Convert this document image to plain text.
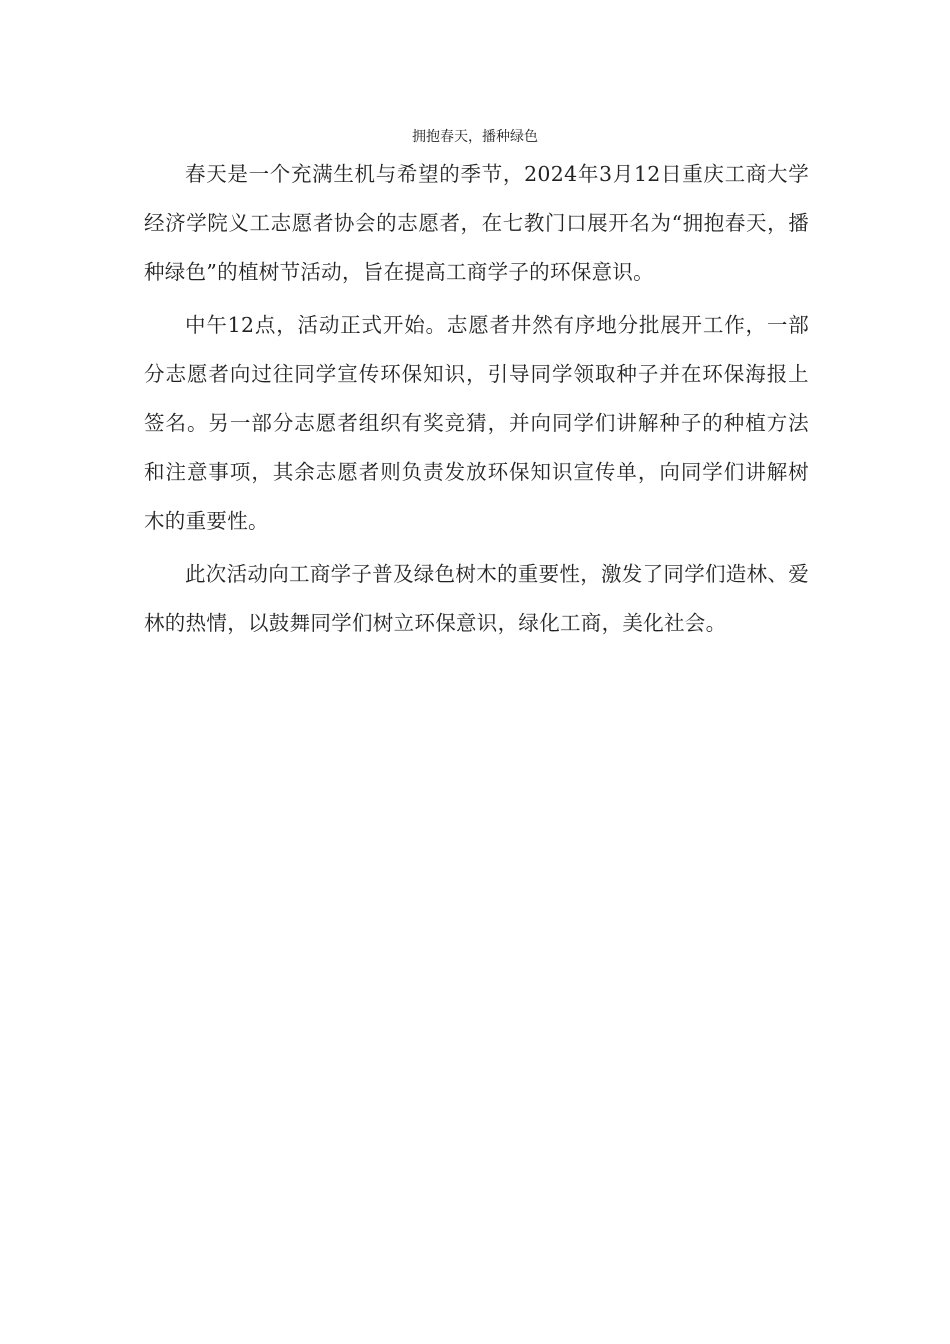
拥抱春天，播种绿色

春天是一个充满生机与希望的季节，2024年3月12日重庆工商大学经济学院义工志愿者协会的志愿者，在七教门口展开名为“拥抱春天，播种绿色”的植树节活动，旨在提高工商学子的环保意识。

中午12点，活动正式开始。志愿者井然有序地分批展开工作，一部分志愿者向过往同学宣传环保知识，引导同学领取种子并在环保海报上签名。另一部分志愿者组织有奖竞猜，并向同学们讲解种子的种植方法和注意事项，其余志愿者则负责发放环保知识宣传单，向同学们讲解树木的重要性。

此次活动向工商学子普及绿色树木的重要性，激发了同学们造林、爱林的热情，以鼓舞同学们树立环保意识，绿化工商，美化社会。
